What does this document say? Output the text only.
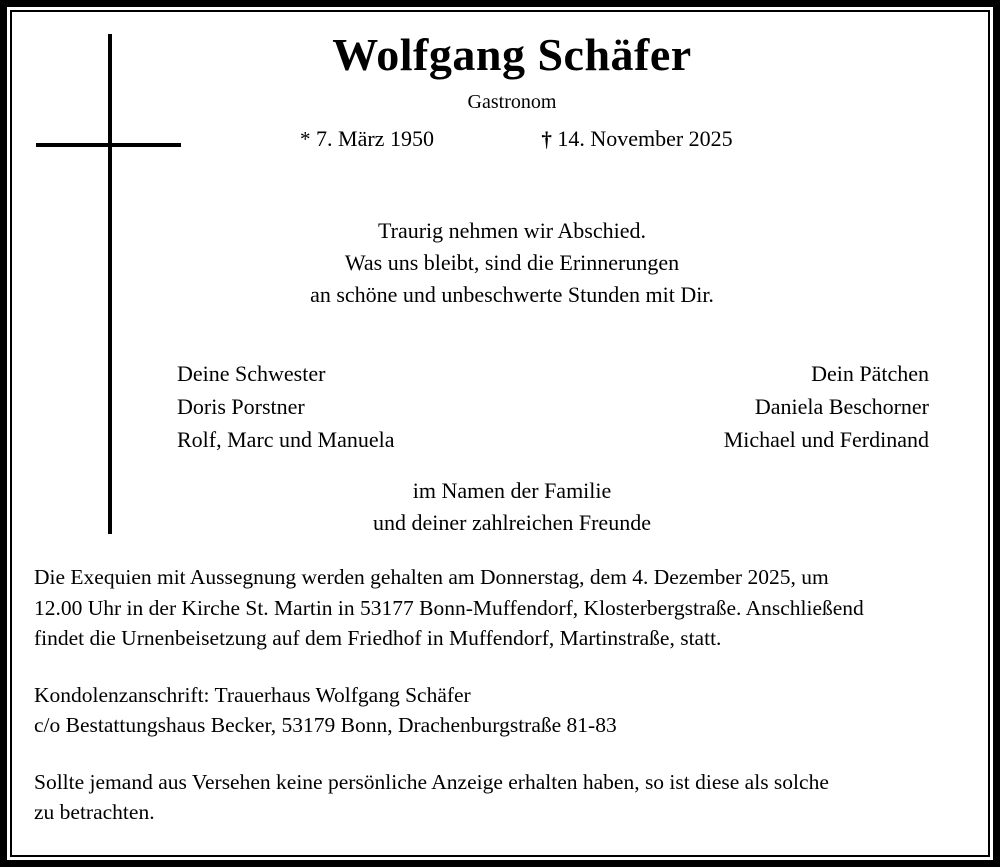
Wolfgang Schäfer
Gastronom
* 7. März 1950	† 14. November 2025
Traurig nehmen wir Abschied.
Was uns bleibt, sind die Erinnerungen
an schöne und unbeschwerte Stunden mit Dir.
Deine Schwester
Doris Porstner
Rolf, Marc und Manuela
Dein Pätchen
Daniela Beschorner
Michael und Ferdinand
im Namen der Familie
und deiner zahlreichen Freunde

Die Exequien mit Aussegnung werden gehalten am Donnerstag, dem 4. Dezember 2025, um
12.00 Uhr in der Kirche St. Martin in 53177 Bonn-Muffendorf, Klosterbergstraße. Anschließend
findet die Urnenbeisetzung auf dem Friedhof in Muffendorf, Martinstraße, statt.

Kondolenzanschrift: Trauerhaus Wolfgang Schäfer
c/o Bestattungshaus Becker, 53179 Bonn, Drachenburgstraße 81-83

Sollte jemand aus Versehen keine persönliche Anzeige erhalten haben, so ist diese als solche
zu betrachten.
